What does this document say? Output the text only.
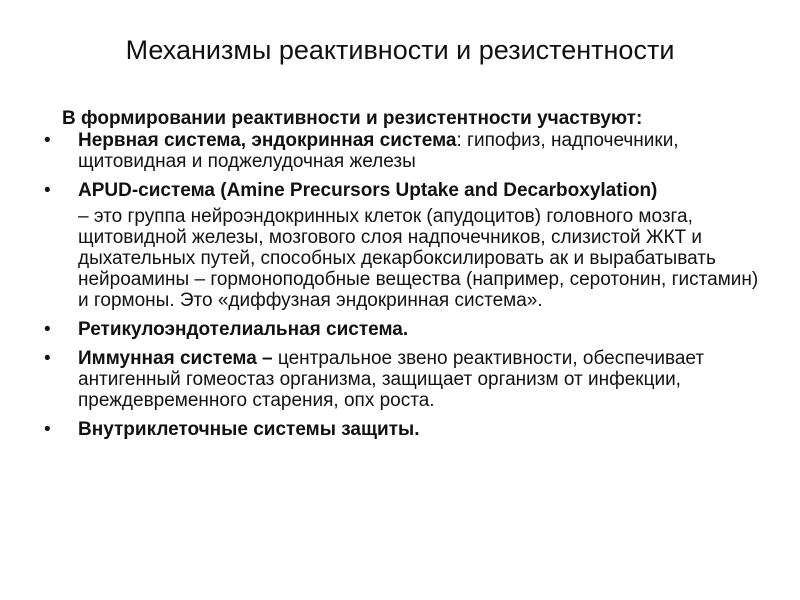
Механизмы реактивности и резистентности
В формировании реактивности и резистентности участвуют:
•	Нервная система, эндокринная система: гипофиз, надпочечники, щитовидная и поджелудочная железы
•	APUD-система (Amine Precursors Uptake and Decarboxylation)
– это группа нейроэндокринных клеток (апудоцитов) головного мозга, щитовидной железы, мозгового слоя надпочечников, слизистой ЖКТ и дыхательных путей, способных декарбоксилировать ак и вырабатывать нейроамины – гормоноподобные вещества (например, серотонин, гистамин) и гормоны. Это «диффузная эндокринная система».
•	Ретикулоэндотелиальная система.
•	Иммунная система – центральное звено реактивности, обеспечивает антигенный гомеостаз организма, защищает организм от инфекции, преждевременного старения, опх роста.
•	Внутриклеточные системы защиты.
